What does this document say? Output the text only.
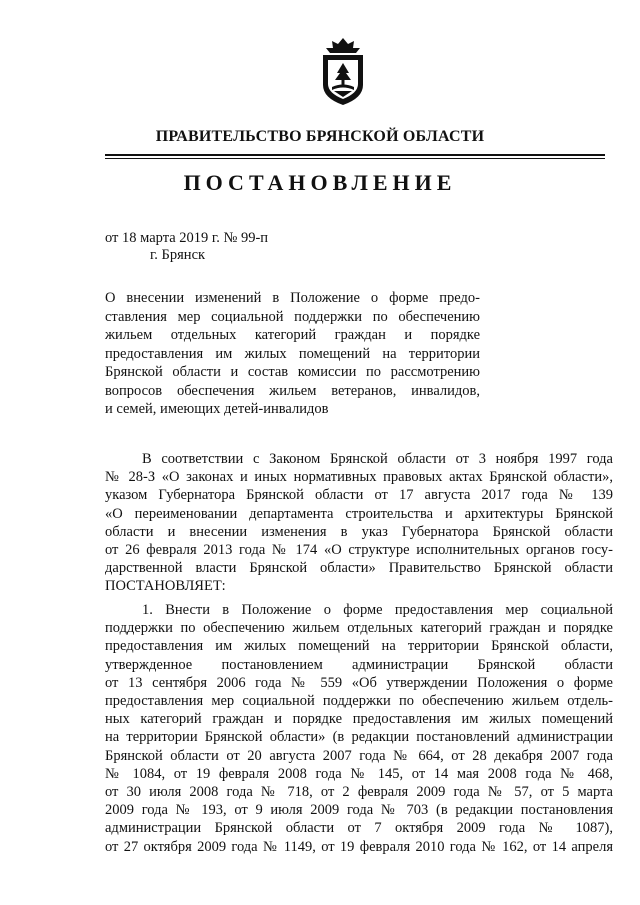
ПРАВИТЕЛЬСТВО БРЯНСКОЙ ОБЛАСТИ
ПОСТАНОВЛЕНИЕ
от 18 марта 2019 г. № 99-п
г. Брянск
О внесении изменений в Положение о форме предо-
ставления мер социальной поддержки по обеспечению
жильем отдельных категорий граждан и порядке
предоставления им жилых помещений на территории
Брянской области и состав комиссии по рассмотрению
вопросов обеспечения жильем ветеранов, инвалидов,
и семей, имеющих детей-инвалидов
В соответствии с Законом Брянской области от 3 ноября 1997 года
№ 28-З «О законах и иных нормативных правовых актах Брянской области»,
указом Губернатора Брянской области от 17 августа 2017 года № 139
«О переименовании департамента строительства и архитектуры Брянской
области и внесении изменения в указ Губернатора Брянской области
от 26 февраля 2013 года № 174 «О структуре исполнительных органов госу-
дарственной власти Брянской области» Правительство Брянской области
ПОСТАНОВЛЯЕТ:
1. Внести в Положение о форме предоставления мер социальной
поддержки по обеспечению жильем отдельных категорий граждан и порядке
предоставления им жилых помещений на территории Брянской области,
утвержденное постановлением администрации Брянской области
от 13 сентября 2006 года № 559 «Об утверждении Положения о форме
предоставления мер социальной поддержки по обеспечению жильем отдель-
ных категорий граждан и порядке предоставления им жилых помещений
на территории Брянской области» (в редакции постановлений администрации
Брянской области от 20 августа 2007 года № 664, от 28 декабря 2007 года
№ 1084, от 19 февраля 2008 года № 145, от 14 мая 2008 года № 468,
от 30 июля 2008 года № 718, от 2 февраля 2009 года № 57, от 5 марта
2009 года № 193, от 9 июля 2009 года № 703 (в редакции постановления
администрации Брянской области от 7 октября 2009 года № 1087),
от 27 октября 2009 года № 1149, от 19 февраля 2010 года № 162, от 14 апреля
